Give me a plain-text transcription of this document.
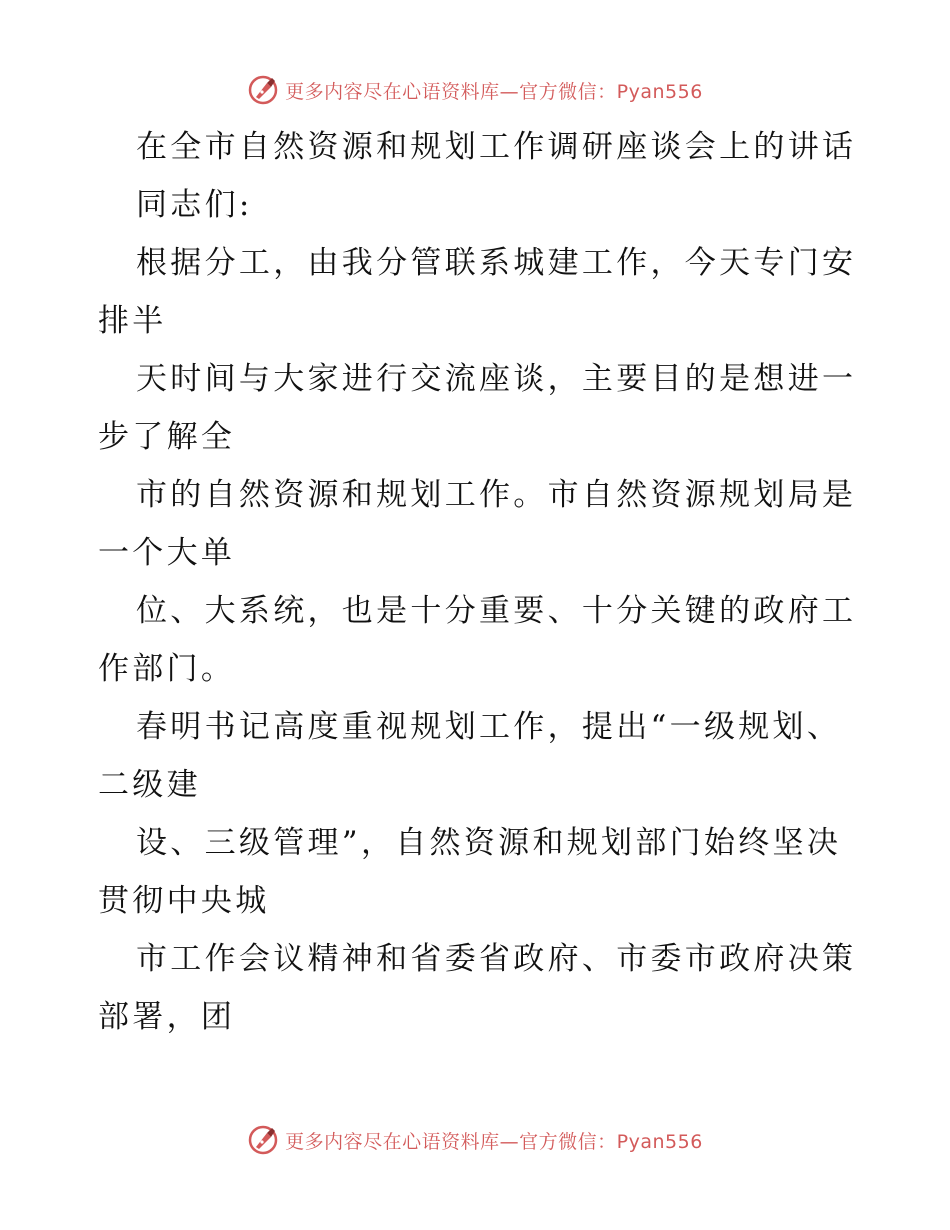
更多内容尽在心语资料库—官方微信：Pyan556
在全市自然资源和规划工作调研座谈会上的讲话
同志们:
根据分工，由我分管联系城建工作，今天专门安
排半
天时间与大家进行交流座谈，主要目的是想进一
步了解全
市的自然资源和规划工作。市自然资源规划局是
一个大单
位、大系统，也是十分重要、十分关键的政府工
作部门。
春明书记高度重视规划工作，提出“一级规划、
二级建
设、三级管理”，自然资源和规划部门始终坚决
贯彻中央城
市工作会议精神和省委省政府、市委市政府决策
部署，团
更多内容尽在心语资料库—官方微信：Pyan556
